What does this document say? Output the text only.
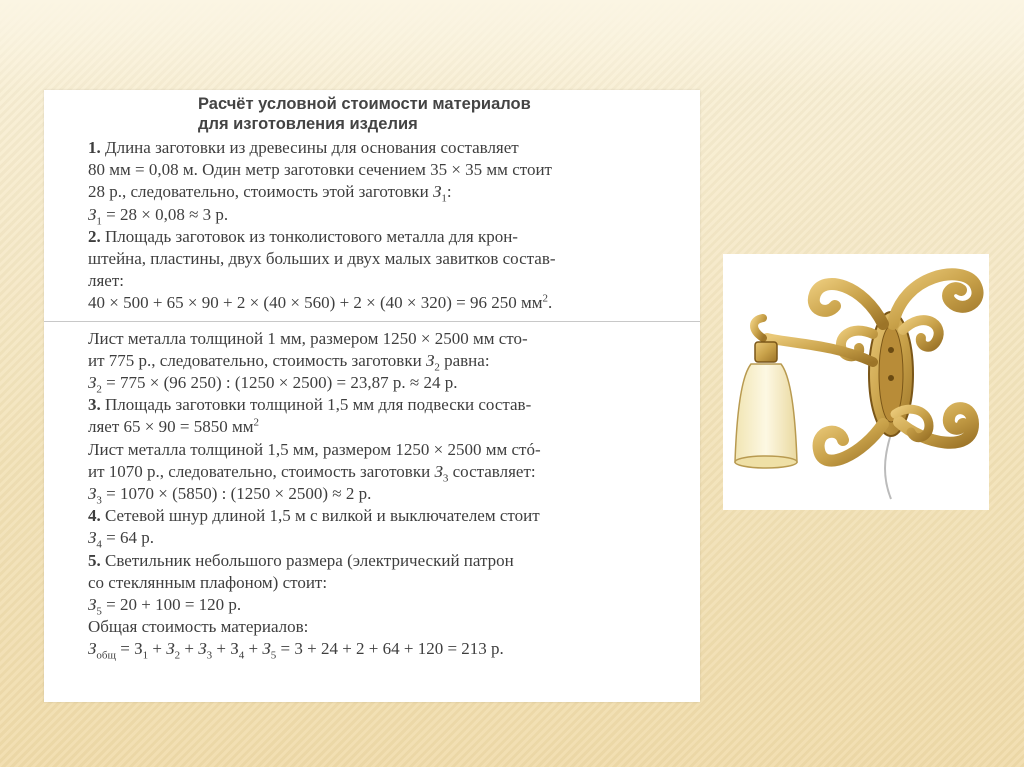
Расчёт условной стоимости материалов
для изготовления изделия
1. Длина заготовки из древесины для основания составляет
80 мм = 0,08 м. Один метр заготовки сечением 35 × 35 мм стоит
28 р., следовательно, стоимость этой заготовки $З_1$:
$З_1 = 28 \times 0,08 \approx 3$ р.
2. Площадь заготовок из тонколистового металла для крон-
штейна, пластины, двух больших и двух малых завитков состав-
ляет:
40 × 500 + 65 × 90 + 2 × (40 × 560) + 2 × (40 × 320) = 96 250 $мм^2$.
Лист металла толщиной 1 мм, размером 1250 × 2500 мм сто-
ит 775 р., следовательно, стоимость заготовки $З_2$ равна:
$З_2 = 775 \times (96$ 250) : (1250 × 2500) = 23,87 р. ≈ 24 р.
3. Площадь заготовки толщиной 1,5 мм для подвески состав-
ляет 65 × 90 = 5850 $мм^2$
Лист металла толщиной 1,5 мм, размером 1250 × 2500 мм стó-
ит 1070 р., следовательно, стоимость заготовки $З_3$ составляет:
$З_3 = 1070 \times (5850)$ : (1250 × 2500) ≈ 2 р.
4. Сетевой шнур длиной 1,5 м с вилкой и выключателем стоит
$З_4 = 64$ р.
5. Светильник небольшого размера (электрический патрон
со стеклянным плафоном) стоит:
$З_5 = 20 + 100 = 120$ р.
Общая стоимость материалов:
$З_{общ} = З_1 + З_2 + З_3 + З_4 + З_5 = 3 + 24 + 2 + 64 + 120 = 213$ р.
